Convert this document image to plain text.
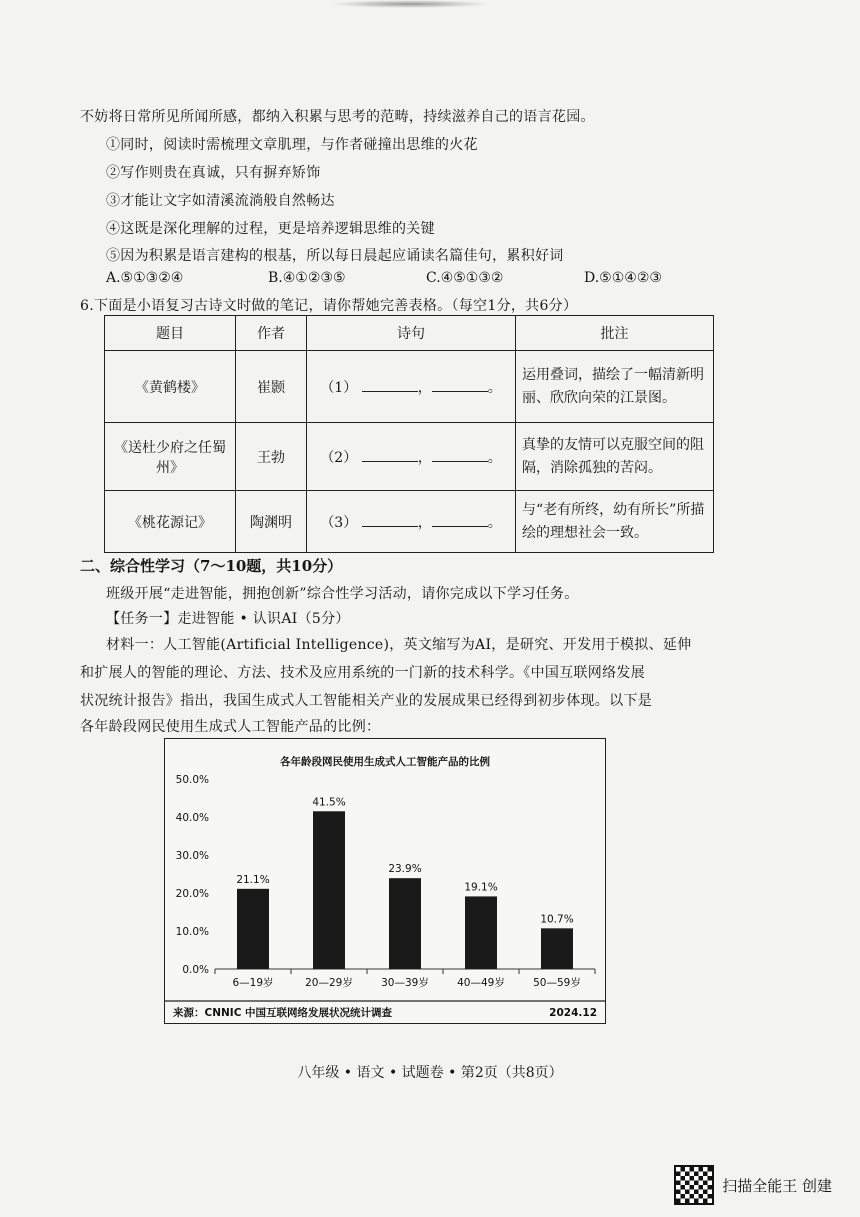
不妨将日常所见所闻所感，都纳入积累与思考的范畴，持续滋养自己的语言花园。
①同时，阅读时需梳理文章肌理，与作者碰撞出思维的火花
②写作则贵在真诚，只有摒弃矫饰
③才能让文字如清溪流淌般自然畅达
④这既是深化理解的过程，更是培养逻辑思维的关键
⑤因为积累是语言建构的根基，所以每日晨起应诵读名篇佳句，累积好词
A.⑤①③②④	B.④①②③⑤	C.④⑤①③②	D.⑤①④②③
6.下面是小语复习古诗文时做的笔记，请你帮她完善表格。（每空1分，共6分）
题目	作者	诗句	批注
《黄鹤楼》	崔颢	（1） ， 。	运用叠词，描绘了一幅清新明丽、欣欣向荣的江景图。
《送杜少府之任蜀州》	王勃	（2） ， 。	真挚的友情可以克服空间的阻隔，消除孤独的苦闷。
《桃花源记》	陶渊明	（3） ， 。	与“老有所终，幼有所长”所描绘的理想社会一致。
二、综合性学习（7～10题，共10分）
班级开展“走进智能，拥抱创新”综合性学习活动，请你完成以下学习任务。
【任务一】走进智能 • 认识AI（5分）
材料一：人工智能(Artificial Intelligence)，英文缩写为AI，是研究、开发用于模拟、延伸
和扩展人的智能的理论、方法、技术及应用系统的一门新的技术科学。《中国互联网络发展
状况统计报告》指出，我国生成式人工智能相关产业的发展成果已经得到初步体现。以下是
各年龄段网民使用生成式人工智能产品的比例：
各年龄段网民使用生成式人工智能产品的比例
0.0%
10.0%
20.0%
30.0%
40.0%
50.0%
21.1%
6—19岁
41.5%
20—29岁
23.9%
30—39岁
19.1%
40—49岁
10.7%
50—59岁
来源：CNNIC 中国互联网络发展状况统计调查	2024.12
八年级 • 语文 • 试题卷 • 第2页（共8页）
扫描全能王 创建
